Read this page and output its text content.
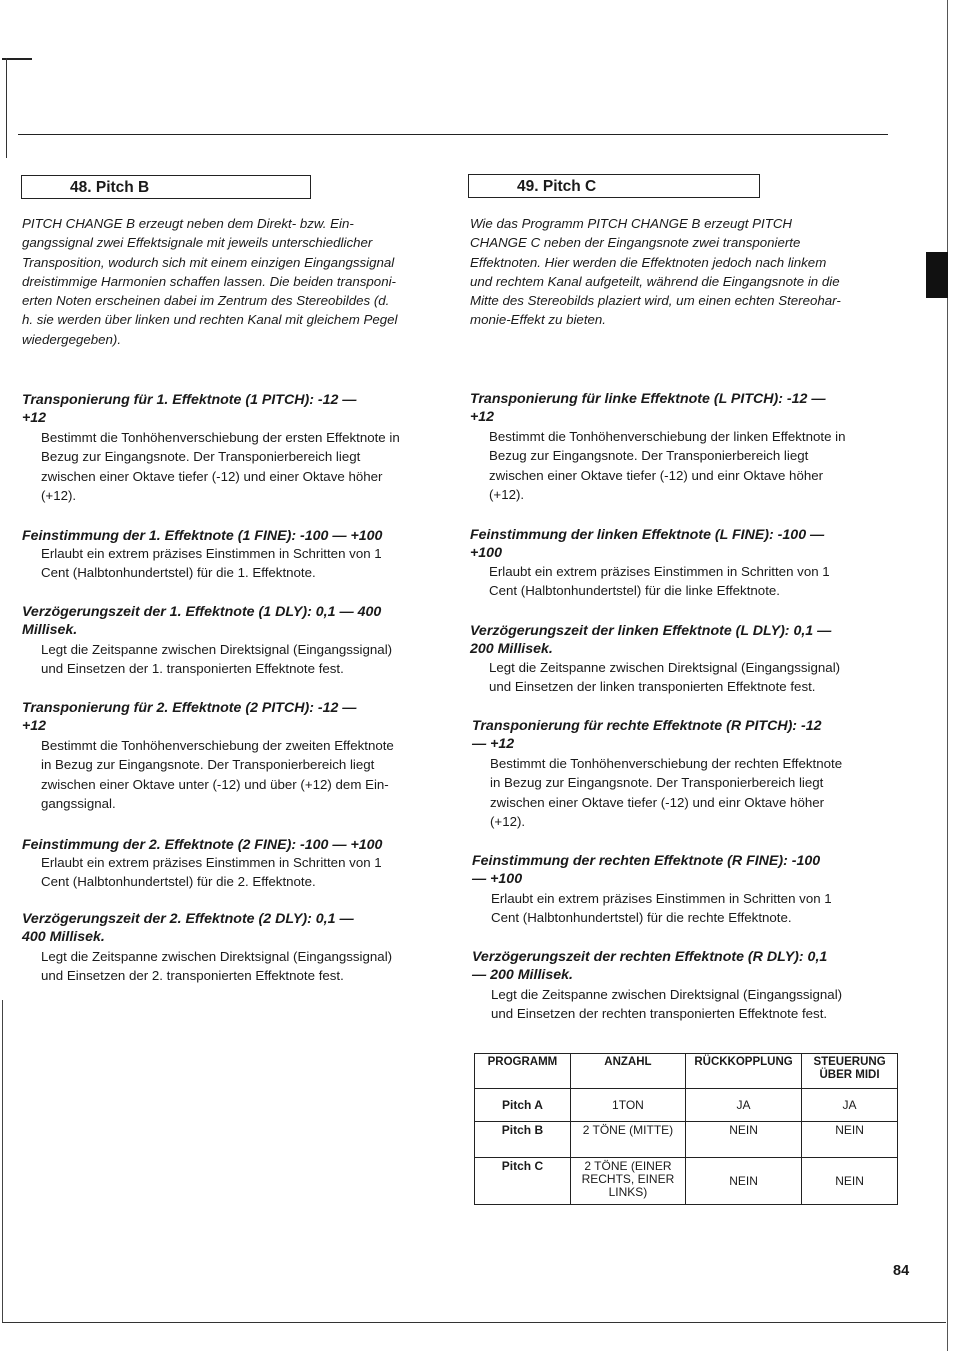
48. Pitch B	49. Pitch C

PITCH CHANGE B erzeugt neben dem Direkt- bzw. Ein-

gangssignal zwei Effektsignale mit jeweils unterschiedlicher

Transposition, wodurch sich mit einem einzigen Eingangssignal

dreistimmige Harmonien schaffen lassen. Die beiden transponi-

erten Noten erscheinen dabei im Zentrum des Stereobildes (d.

h. sie werden über linken und rechten Kanal mit gleichem Pegel

wiedergegeben).

Wie das Programm PITCH CHANGE B erzeugt PITCH

CHANGE C neben der Eingangsnote zwei transponierte

Effektnoten. Hier werden die Effektnoten jedoch nach linkem

und rechtem Kanal aufgeteilt, während die Eingangsnote in die

Mitte des Stereobilds plaziert wird, um einen echten Stereohar-

monie-Effekt zu bieten.

Transponierung für 1. Effektnote (1 PITCH): -12 —
+12
Bestimmt die Tonhöhenverschiebung der ersten Effektnote in
Bezug zur Eingangsnote. Der Transponierbereich liegt
zwischen einer Oktave tiefer (-12) und einer Oktave höher
(+12).
Feinstimmung der 1. Effektnote (1 FINE): -100 — +100
Erlaubt ein extrem präzises Einstimmen in Schritten von 1
Cent (Halbtonhundertstel) für die 1. Effektnote.
Verzögerungszeit der 1. Effektnote (1 DLY): 0,1 — 400
Millisek.
Legt die Zeitspanne zwischen Direktsignal (Eingangssignal)
und Einsetzen der 1. transponierten Effektnote fest.
Transponierung für 2. Effektnote (2 PITCH): -12 —
+12
Bestimmt die Tonhöhenverschiebung der zweiten Effektnote
in Bezug zur Eingangsnote. Der Transponierbereich liegt
zwischen einer Oktave unter (-12) und über (+12) dem Ein-
gangssignal.
Feinstimmung der 2. Effektnote (2 FINE): -100 — +100
Erlaubt ein extrem präzises Einstimmen in Schritten von 1
Cent (Halbtonhundertstel) für die 2. Effektnote.
Verzögerungszeit der 2. Effektnote (2 DLY): 0,1 —
400 Millisek.
Legt die Zeitspanne zwischen Direktsignal (Eingangssignal)
und Einsetzen der 2. transponierten Effektnote fest.
Transponierung für linke Effektnote (L PITCH): -12 —
+12
Bestimmt die Tonhöhenverschiebung der linken Effektnote in
Bezug zur Eingangsnote. Der Transponierbereich liegt
zwischen einer Oktave tiefer (-12) und einr Oktave höher
(+12).
Feinstimmung der linken Effektnote (L FINE): -100 —
+100
Erlaubt ein extrem präzises Einstimmen in Schritten von 1
Cent (Halbtonhundertstel) für die linke Effektnote.
Verzögerungszeit der linken Effektnote (L DLY): 0,1 —
200 Millisek.
Legt die Zeitspanne zwischen Direktsignal (Eingangssignal)
und Einsetzen der linken transponierten Effektnote fest.
Transponierung für rechte Effektnote (R PITCH): -12
— +12
Bestimmt die Tonhöhenverschiebung der rechten Effektnote
in Bezug zur Eingangsnote. Der Transponierbereich liegt
zwischen einer Oktave tiefer (-12) und einr Oktave höher
(+12).
Feinstimmung der rechten Effektnote (R FINE): -100
— +100
Erlaubt ein extrem präzises Einstimmen in Schritten von 1
Cent (Halbtonhundertstel) für die rechte Effektnote.
Verzögerungszeit der rechten Effektnote (R DLY): 0,1
— 200 Millisek.
Legt die Zeitspanne zwischen Direktsignal (Eingangssignal)
und Einsetzen der rechten transponierten Effektnote fest.
PROGRAMM	ANZAHL	RÜCKKOPPLUNG	STEUERUNG ÜBER MIDI
Pitch A	1TON	JA	JA
Pitch B	2 TÖNE (MITTE)	NEIN	NEIN
Pitch C	2 TÖNE (EINER RECHTS, EINER LINKS)	NEIN	NEIN
84
